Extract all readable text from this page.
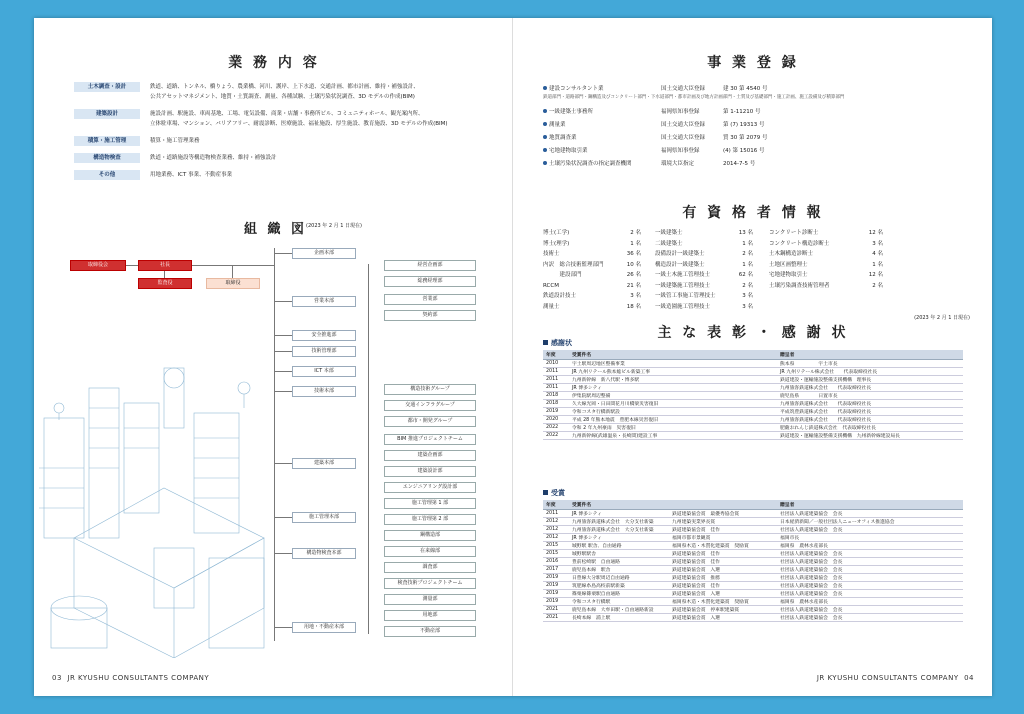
業 務 内 容
土木調査・設計	鉄道、道路、トンネル、橋りょう、農業橋、河川、護岸、上下水道、交通計画、都市計画、維持・補強設計、
公共アセットマネジメント、地質・土質調査、測量、各種試験、土壌汚染状況調査、3D モデルの作成(BIM)
建築設計	施設計画、駅施設、車両基地、工場、電気設備、商業・店舗・事務所ビル、コミュニティホール、観光案内所、
立体駐車場、マンション、バリアフリー、耐震診断、医療施設、福祉施設、厚生施設、教育施設、3D モデルの作成(BIM)
積算・施工管理	積算・施工管理業務
構造物検査	鉄道・道路施設等構造物検査業務、維持・補強設計
その他	用地業務、ICT 事業、不動産事業
組 織 図
(2023 年 2 月 1 日現在)
取締役会	社長
監査役	取締役
03 JR KYUSHU CONSULTANTS COMPANY
企画本部
営業本部
安全推進部
技術管理部
ICT 本部
技術本部
建築本部
施工管理本部
構造物検査本部
用地・不動産本部
経営企画部
総務経理部
営業部
契約部
構造技術グループ
交通インフラグループ
都市・開発グループ
BIM 推進プロジェクトチーム
建築企画部
建築設計部
エンジニアリング設計部
施工管理第 1 部
施工管理第 2 部
鋼構造部
在来線部
調査部
検査技術プロジェクトチーム
測量部
用地部
不動産部
事 業 登 録
建設コンサルタント業	国土交通大臣登録	建 30 第 4540 号
鉄道部門・道路部門・鋼構造及びコンクリート部門・下水道部門・都市計画及び地方計画部門・土質及び基礎部門・施工計画、施工設備及び積算部門
一級建築士事務所	福岡県知事登録	第 1-11210 号
測量業	国土交通大臣登録	第 (7) 19313 号
地質調査業	国土交通大臣登録	質 30 第 2079 号
宅地建物取引業	福岡県知事登録	(4) 第 15016 号
土壌汚染状況調査の指定調査機関	環境大臣指定	2014-7-5 号
有 資 格 者 情 報
博士(工学)	2 名	一級建築士	13 名	コンクリート診断士	12 名
博士(理学)	1 名	二級建築士	1 名	コンクリート構造診断士	3 名
技術士	36 名	設備設計一級建築士	2 名	土木鋼構造診断士	4 名
内訳　総合技術監理部門	10 名	構造設計一級建築士	1 名	土地区画整理士	1 名
　　　建設部門	26 名	一級土木施工管理技士	62 名	宅地建物取引士	12 名
RCCM	21 名	一級建築施工管理技士	2 名	土壌汚染調査技術管理者	2 名
鉄道設計技士	3 名	一級管工事施工管理技士	3 名
測量士	18 名	一級造園施工管理技士	3 名
(2023 年 2 月 1 日現在)
主 な 表 彰 ・ 感 謝 状
感謝状
年度	受賞件名	贈呈者
2010	宇土駅周辺地区整備事業	熊本県　　　　　宇土市長
2011	JR 九州リテール熊本総ビル新築工事	JR 九州リテール株式会社　　代表取締役社長
2011	九州新幹線　新八代駅・博多駅	鉄道建設・運輸施設整備支援機構　理事長
2011	JR 博多シティ	九州旅客鉄道株式会社　　代表取締役社長
2018	伊集院駅周辺整備	鹿児島県　　　　日置市長
2018	久大線光岡・日田間花月川橋梁災害復旧	九州旅客鉄道株式会社　　代表取締役社長
2019	令和コスタ行橋新駅設	平成筑豊鉄道株式会社　　代表取締役社長
2020	平成 28 年熊本地震　豊肥本線災害復旧	九州旅客鉄道株式会社　　代表取締役社長
2022	令和 2 年九州豪雨　災害復旧	肥薩おれんじ鉄道株式会社　代表取締役社長
2022	九州新幹線(武雄温泉・長崎間)建設工事	鉄道建設・運輸施設整備支援機構　九州新幹線建設局長
受賞
年度	受賞件名		贈呈者
2011	JR 博多シティ	鉄道建築協会賞　最優秀協会賞	社団法人鉄道建築協会　会長
2012	九州旅客鉄道株式会社　大分支社新築	九州建築実業界長賞	日本経済新聞／一般社団法人ニューオフィス推進協会
2012	九州旅客鉄道株式会社　大分支社新築	鉄道建築協会賞　佳作	社団法人鉄道建築協会　会長
2012	JR 博多シティ	福岡市都市景観賞	福岡市長
2015	城野駅 駅舎、自由通路	福岡県木造・木質化建築賞　奨励賞	福岡県　農林水産部長
2015	城野駅駅舎	鉄道建築協会賞　佳作	社団法人鉄道建築協会　会長
2016	豊前松崎駅　自由通路	鉄道建築協会賞　佳作	社団法人鉄道建築協会　会長
2017	鹿児島本線　駅舎	鉄道建築協会賞　入選	社団法人鉄道建築協会　会長
2019	日豊線大分駅周辺自由通路	鉄道建築協会賞　推薦	社団法人鉄道建築協会　会長
2019	筑肥線糸島高校前駅新築	鉄道建築協会賞　佳作	社団法人鉄道建築協会　会長
2019	篠栗線篠栗駅自由通路	鉄道建築協会賞　入選	社団法人鉄道建築協会　会長
2019	令和コスタ行橋駅	福岡県木造・木質化建築賞　奨励賞	福岡県　農林水産部長
2021	鹿児島本線　大牟田駅・自由通路新設	鉄道建築協会賞　停車駅建築賞	社団法人鉄道建築協会　会長
2021	長崎本線　浦上駅	鉄道建築協会賞　入選	社団法人鉄道建築協会　会長
JR KYUSHU CONSULTANTS COMPANY 04
